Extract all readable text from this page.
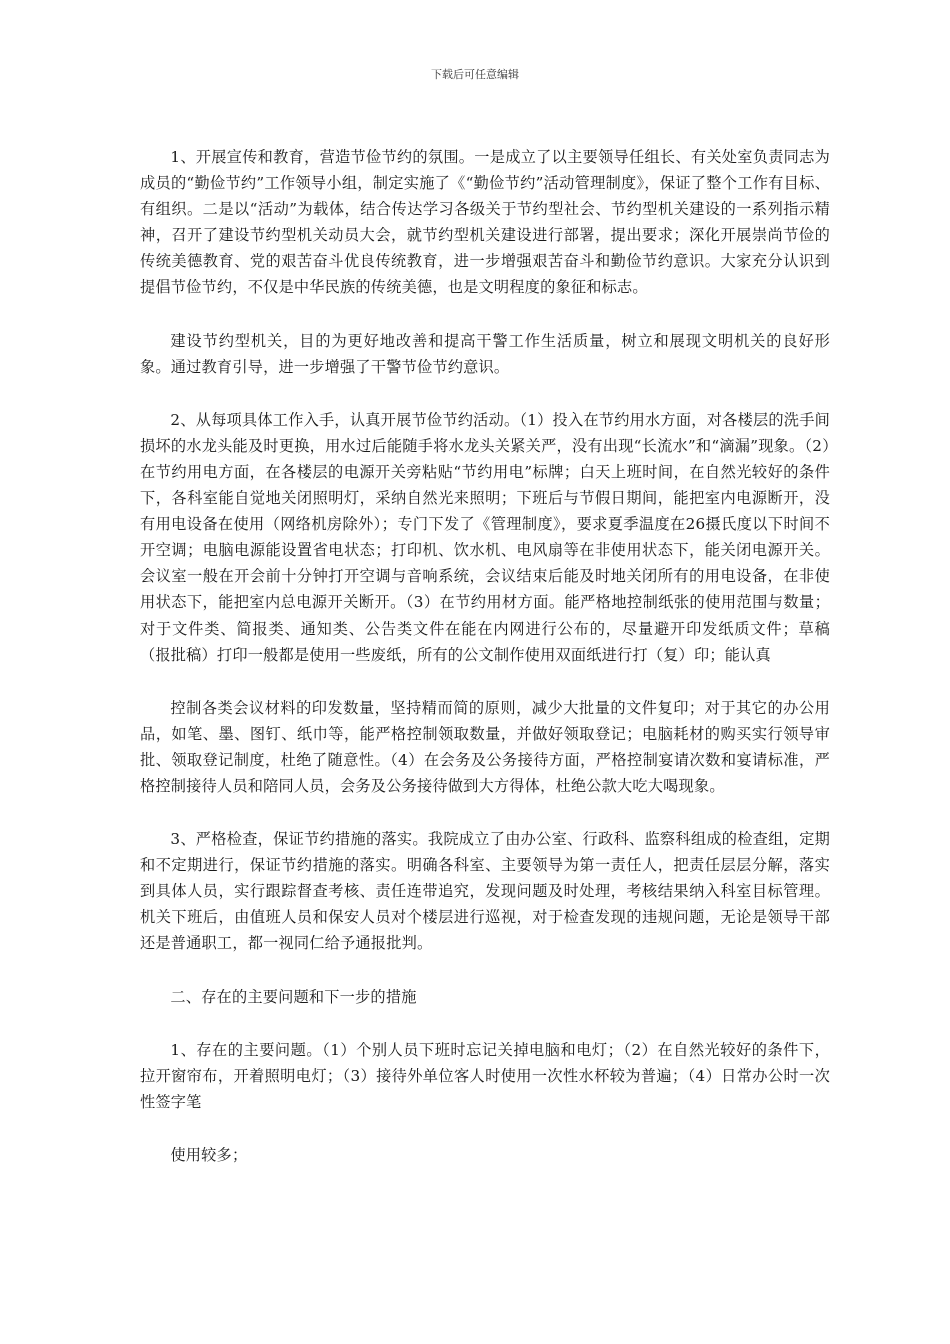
下载后可任意编辑

1、开展宣传和教育，营造节俭节约的氛围。一是成立了以主要领导任组长、有关处室负责同志为成员的“勤俭节约”工作领导小组，制定实施了《“勤俭节约”活动管理制度》，保证了整个工作有目标、有组织。二是以“活动”为载体，结合传达学习各级关于节约型社会、节约型机关建设的一系列指示精神，召开了建设节约型机关动员大会，就节约型机关建设进行部署，提出要求；深化开展崇尚节俭的传统美德教育、党的艰苦奋斗优良传统教育，进一步增强艰苦奋斗和勤俭节约意识。大家充分认识到提倡节俭节约，不仅是中华民族的传统美德，也是文明程度的象征和标志。

建设节约型机关，目的为更好地改善和提高干警工作生活质量，树立和展现文明机关的良好形象。通过教育引导，进一步增强了干警节俭节约意识。

2、从每项具体工作入手，认真开展节俭节约活动。（1）投入在节约用水方面，对各楼层的洗手间损坏的水龙头能及时更换，用水过后能随手将水龙头关紧关严，没有出现“长流水”和“滴漏”现象。（2）在节约用电方面，在各楼层的电源开关旁粘贴“节约用电”标牌；白天上班时间，在自然光较好的条件下，各科室能自觉地关闭照明灯，采纳自然光来照明；下班后与节假日期间，能把室内电源断开，没有用电设备在使用（网络机房除外）；专门下发了《管理制度》，要求夏季温度在26摄氏度以下时间不开空调；电脑电源能设置省电状态；打印机、饮水机、电风扇等在非使用状态下，能关闭电源开关。会议室一般在开会前十分钟打开空调与音响系统，会议结束后能及时地关闭所有的用电设备，在非使用状态下，能把室内总电源开关断开。（3）在节约用材方面。能严格地控制纸张的使用范围与数量；对于文件类、简报类、通知类、公告类文件在能在内网进行公布的，尽量避开印发纸质文件；草稿（报批稿）打印一般都是使用一些废纸，所有的公文制作使用双面纸进行打（复）印；能认真

控制各类会议材料的印发数量，坚持精而简的原则，减少大批量的文件复印；对于其它的办公用品，如笔、墨、图钉、纸巾等，能严格控制领取数量，并做好领取登记；电脑耗材的购买实行领导审批、领取登记制度，杜绝了随意性。（4）在会务及公务接待方面，严格控制宴请次数和宴请标准，严格控制接待人员和陪同人员，会务及公务接待做到大方得体，杜绝公款大吃大喝现象。

3、严格检查，保证节约措施的落实。我院成立了由办公室、行政科、监察科组成的检查组，定期和不定期进行，保证节约措施的落实。明确各科室、主要领导为第一责任人，把责任层层分解，落实到具体人员，实行跟踪督查考核、责任连带追究，发现问题及时处理，考核结果纳入科室目标管理。机关下班后，由值班人员和保安人员对个楼层进行巡视，对于检查发现的违规问题，无论是领导干部还是普通职工，都一视同仁给予通报批判。

二、存在的主要问题和下一步的措施

1、存在的主要问题。（1）个别人员下班时忘记关掉电脑和电灯；（2）在自然光较好的条件下，拉开窗帘布，开着照明电灯；（3）接待外单位客人时使用一次性水杯较为普遍；（4）日常办公时一次性签字笔

使用较多；
